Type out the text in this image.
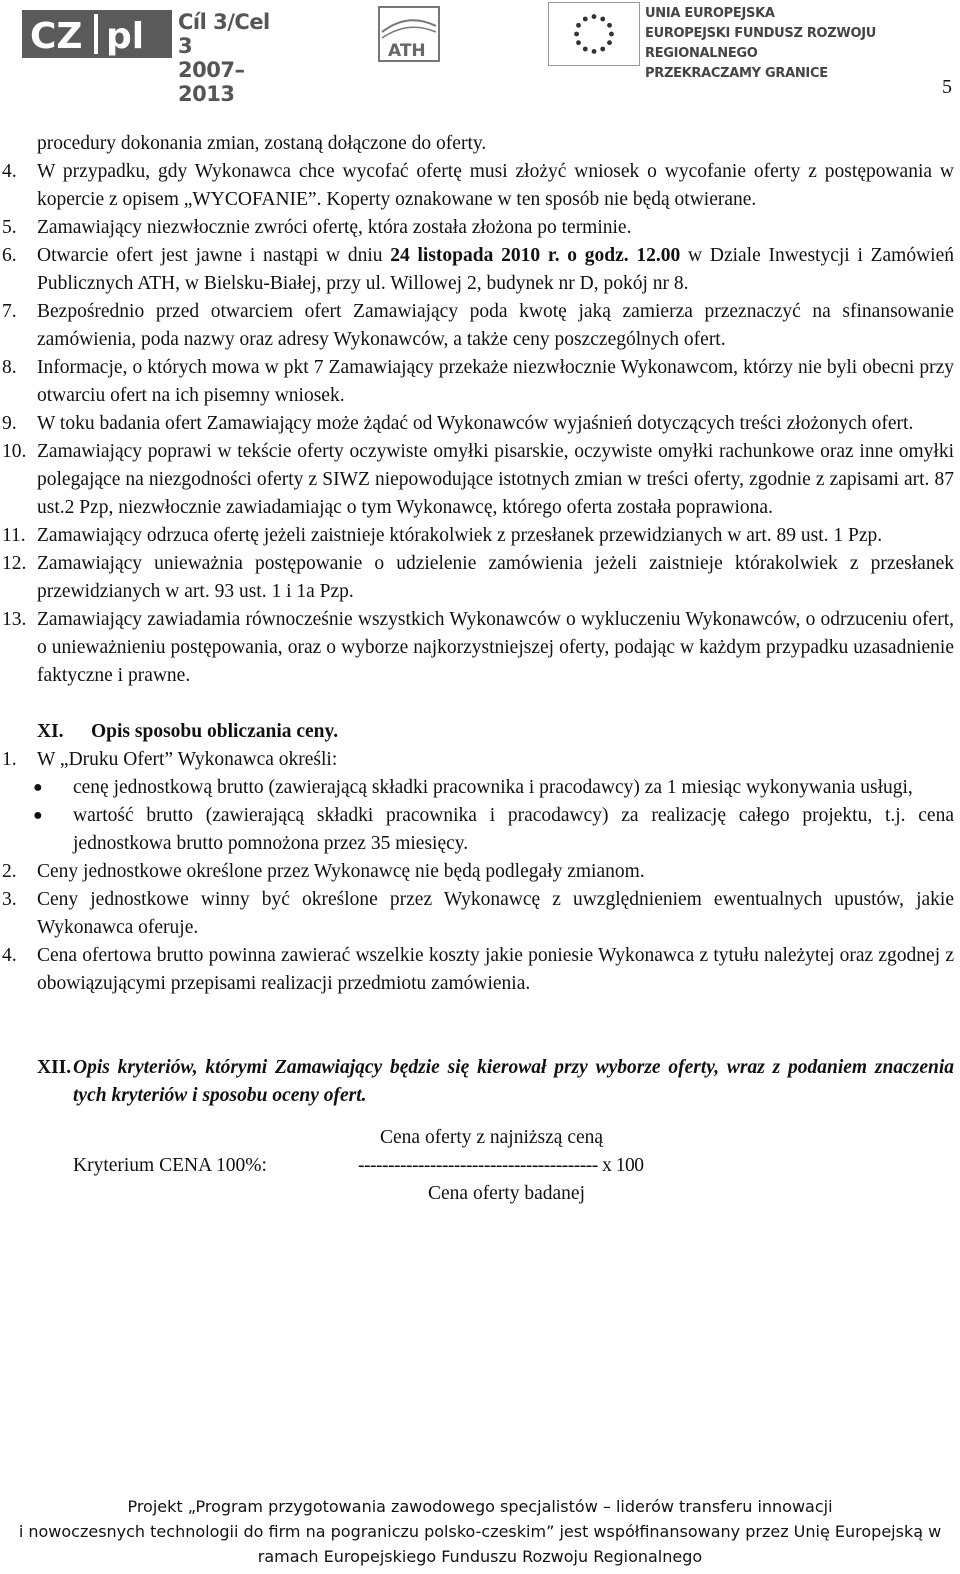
CZ pl Cíl 3/Cel 3
2007–2013
ATH
UNIA EUROPEJSKA
EUROPEJSKI FUNDUSZ ROZWOJU REGIONALNEGO
PRZEKRACZAMY GRANICE
5
procedury dokonania zmian, zostaną dołączone do oferty.
4. W przypadku, gdy Wykonawca chce wycofać ofertę musi złożyć wniosek o wycofanie oferty z postępowania w kopercie z opisem „WYCOFANIE”. Koperty oznakowane w ten sposób nie będą otwierane.
5. Zamawiający niezwłocznie zwróci ofertę, która została złożona po terminie.
6. Otwarcie ofert jest jawne i nastąpi w dniu 24 listopada 2010 r. o godz. 12.00 w Dziale Inwestycji i Zamówień Publicznych ATH, w Bielsku-Białej, przy ul. Willowej 2, budynek nr D, pokój nr 8.
7. Bezpośrednio przed otwarciem ofert Zamawiający poda kwotę jaką zamierza przeznaczyć na sfinansowanie zamówienia, poda nazwy oraz adresy Wykonawców, a także ceny poszczególnych ofert.
8. Informacje, o których mowa w pkt 7 Zamawiający przekaże niezwłocznie Wykonawcom, którzy nie byli obecni przy otwarciu ofert na ich pisemny wniosek.
9. W toku badania ofert Zamawiający może żądać od Wykonawców wyjaśnień dotyczących treści złożonych ofert.
10. Zamawiający poprawi w tekście oferty oczywiste omyłki pisarskie, oczywiste omyłki rachunkowe oraz inne omyłki polegające na niezgodności oferty z SIWZ niepowodujące istotnych zmian w treści oferty, zgodnie z zapisami art. 87 ust.2 Pzp, niezwłocznie zawiadamiając o tym Wykonawcę, którego oferta została poprawiona.
11. Zamawiający odrzuca ofertę jeżeli zaistnieje którakolwiek z przesłanek przewidzianych w art. 89 ust. 1 Pzp.
12. Zamawiający unieważnia postępowanie o udzielenie zamówienia jeżeli zaistnieje którakolwiek z przesłanek przewidzianych w art. 93 ust. 1 i 1a Pzp.
13. Zamawiający zawiadamia równocześnie wszystkich Wykonawców o wykluczeniu Wykonawców, o odrzuceniu ofert, o unieważnieniu postępowania, oraz o wyborze najkorzystniejszej oferty, podając w każdym przypadku uzasadnienie faktyczne i prawne.
XI. Opis sposobu obliczania ceny.
1. W „Druku Ofert” Wykonawca określi:
● cenę jednostkową brutto (zawierającą składki pracownika i pracodawcy) za 1 miesiąc wykonywania usługi,
● wartość brutto (zawierającą składki pracownika i pracodawcy) za realizację całego projektu, t.j. cena jednostkowa brutto pomnożona przez 35 miesięcy.
2. Ceny jednostkowe określone przez Wykonawcę nie będą podlegały zmianom.
3. Ceny jednostkowe winny być określone przez Wykonawcę z uwzględnieniem ewentualnych upustów, jakie Wykonawca oferuje.
4. Cena ofertowa brutto powinna zawierać wszelkie koszty jakie poniesie Wykonawca z tytułu należytej oraz zgodnej z obowiązującymi przepisami realizacji przedmiotu zamówienia.
XII. Opis kryteriów, którymi Zamawiający będzie się kierował przy wyborze oferty, wraz z podaniem znaczenia tych kryteriów i sposobu oceny ofert.
Cena oferty z najniższą ceną
Kryterium CENA 100%:	---------------------------------------- x 100
Cena oferty badanej
Projekt „Program przygotowania zawodowego specjalistów – liderów transferu innowacji
i nowoczesnych technologii do firm na pograniczu polsko-czeskim” jest współfinansowany przez Unię Europejską w
ramach Europejskiego Funduszu Rozwoju Regionalnego
